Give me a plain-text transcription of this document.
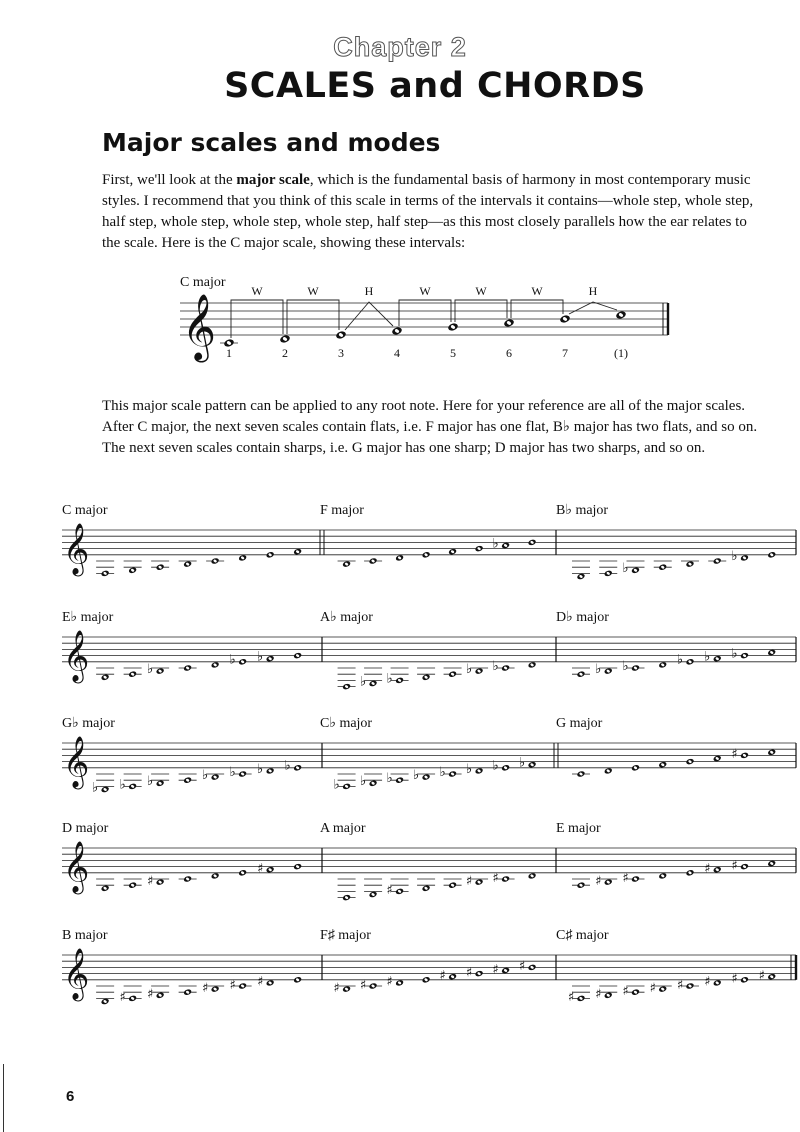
Chapter 2
SCALES and CHORDS
Major scales and modes

First, we'll look at the major scale, which is the fundamental basis of harmony in most contemporary music styles. I recommend that you think of this scale in terms of the intervals it contains—whole step, whole step, half step, whole step, whole step, whole step, half step—as this most closely parallels how the ear relates to the scale. Here is the C major scale, showing these intervals:

This major scale pattern can be applied to any root note. Here for your reference are all of the major scales. After C major, the next seven scales contain flats, i.e. F major has one flat, B♭ major has two flats, and so on. The next seven scales contain sharps, i.e. G major has one sharp; D major has two sharps, and so on.

C major
𝄞 1	2	3	4	5	6	7	(1)
W	W	H	W	W	W	H
𝄞
C major	F major
♭
B♭ major
♭
♭
𝄞
E♭ major
♭
♭ ♭
A♭ major
♭ ♭
♭ ♭
D♭ major
♭ ♭	♭ ♭ ♭
𝄞
G♭ major
♭ ♭ ♭	♭ ♭ ♭ ♭
C♭ major
♭ ♭ ♭ ♭ ♭ ♭ ♭ ♭
G major
♯
𝄞
D major
♯
♯
A major
♯
♯ ♯
E major
♯ ♯
♯ ♯
𝄞
B major
♯ ♯	♯ ♯ ♯
F♯ major
♯ ♯ ♯	♯ ♯ ♯ ♯
C♯ major
♯ ♯ ♯ ♯ ♯ ♯ ♯ ♯
6
